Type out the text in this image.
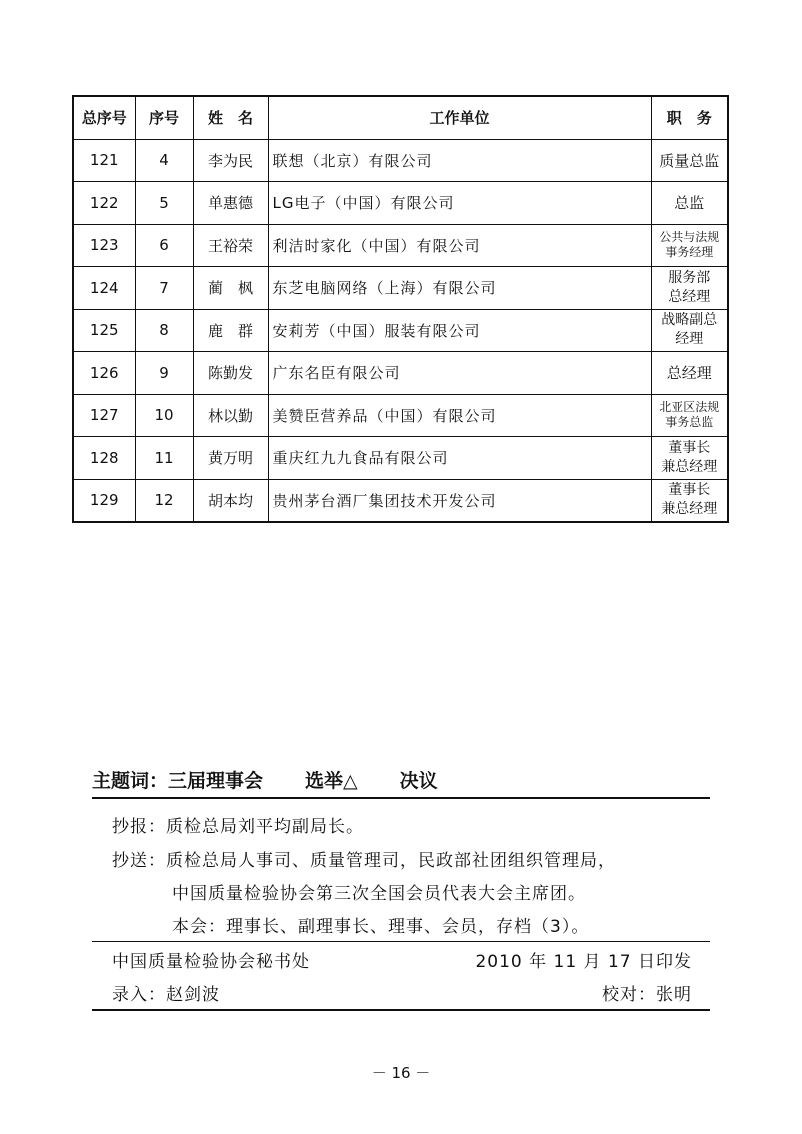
总序号	序号	姓　名	工作单位	职　务
121	4	李为民	联想（北京）有限公司	质量总监
122	5	单惠德	LG电子（中国）有限公司	总监
123	6	王裕荣	利洁时家化（中国）有限公司	公共与法规
事务经理

124	7	蔺　枫	东芝电脑网络（上海）有限公司	服务部
总经理

125	8	鹿　群	安莉芳（中国）服装有限公司	战略副总
经理

126	9	陈勤发	广东名臣有限公司	总经理
127	10	林以勤	美赞臣营养品（中国）有限公司	北亚区法规
事务总监

128	11	黄万明	重庆红九九食品有限公司	董事长
兼总经理

129	12	胡本均	贵州茅台酒厂集团技术开发公司	董事长
兼总经理
主题词：三届理事会 选举△ 决议
抄报：质检总局刘平均副局长。
抄送：质检总局人事司、质量管理司，民政部社团组织管理局，
中国质量检验协会第三次全国会员代表大会主席团。
本会：理事长、副理事长、理事、会员，存档（3）。
中国质量检验协会秘书处	2010 年 11 月 17 日印发
录入：赵剑波	校对：张明
－ 16 －
